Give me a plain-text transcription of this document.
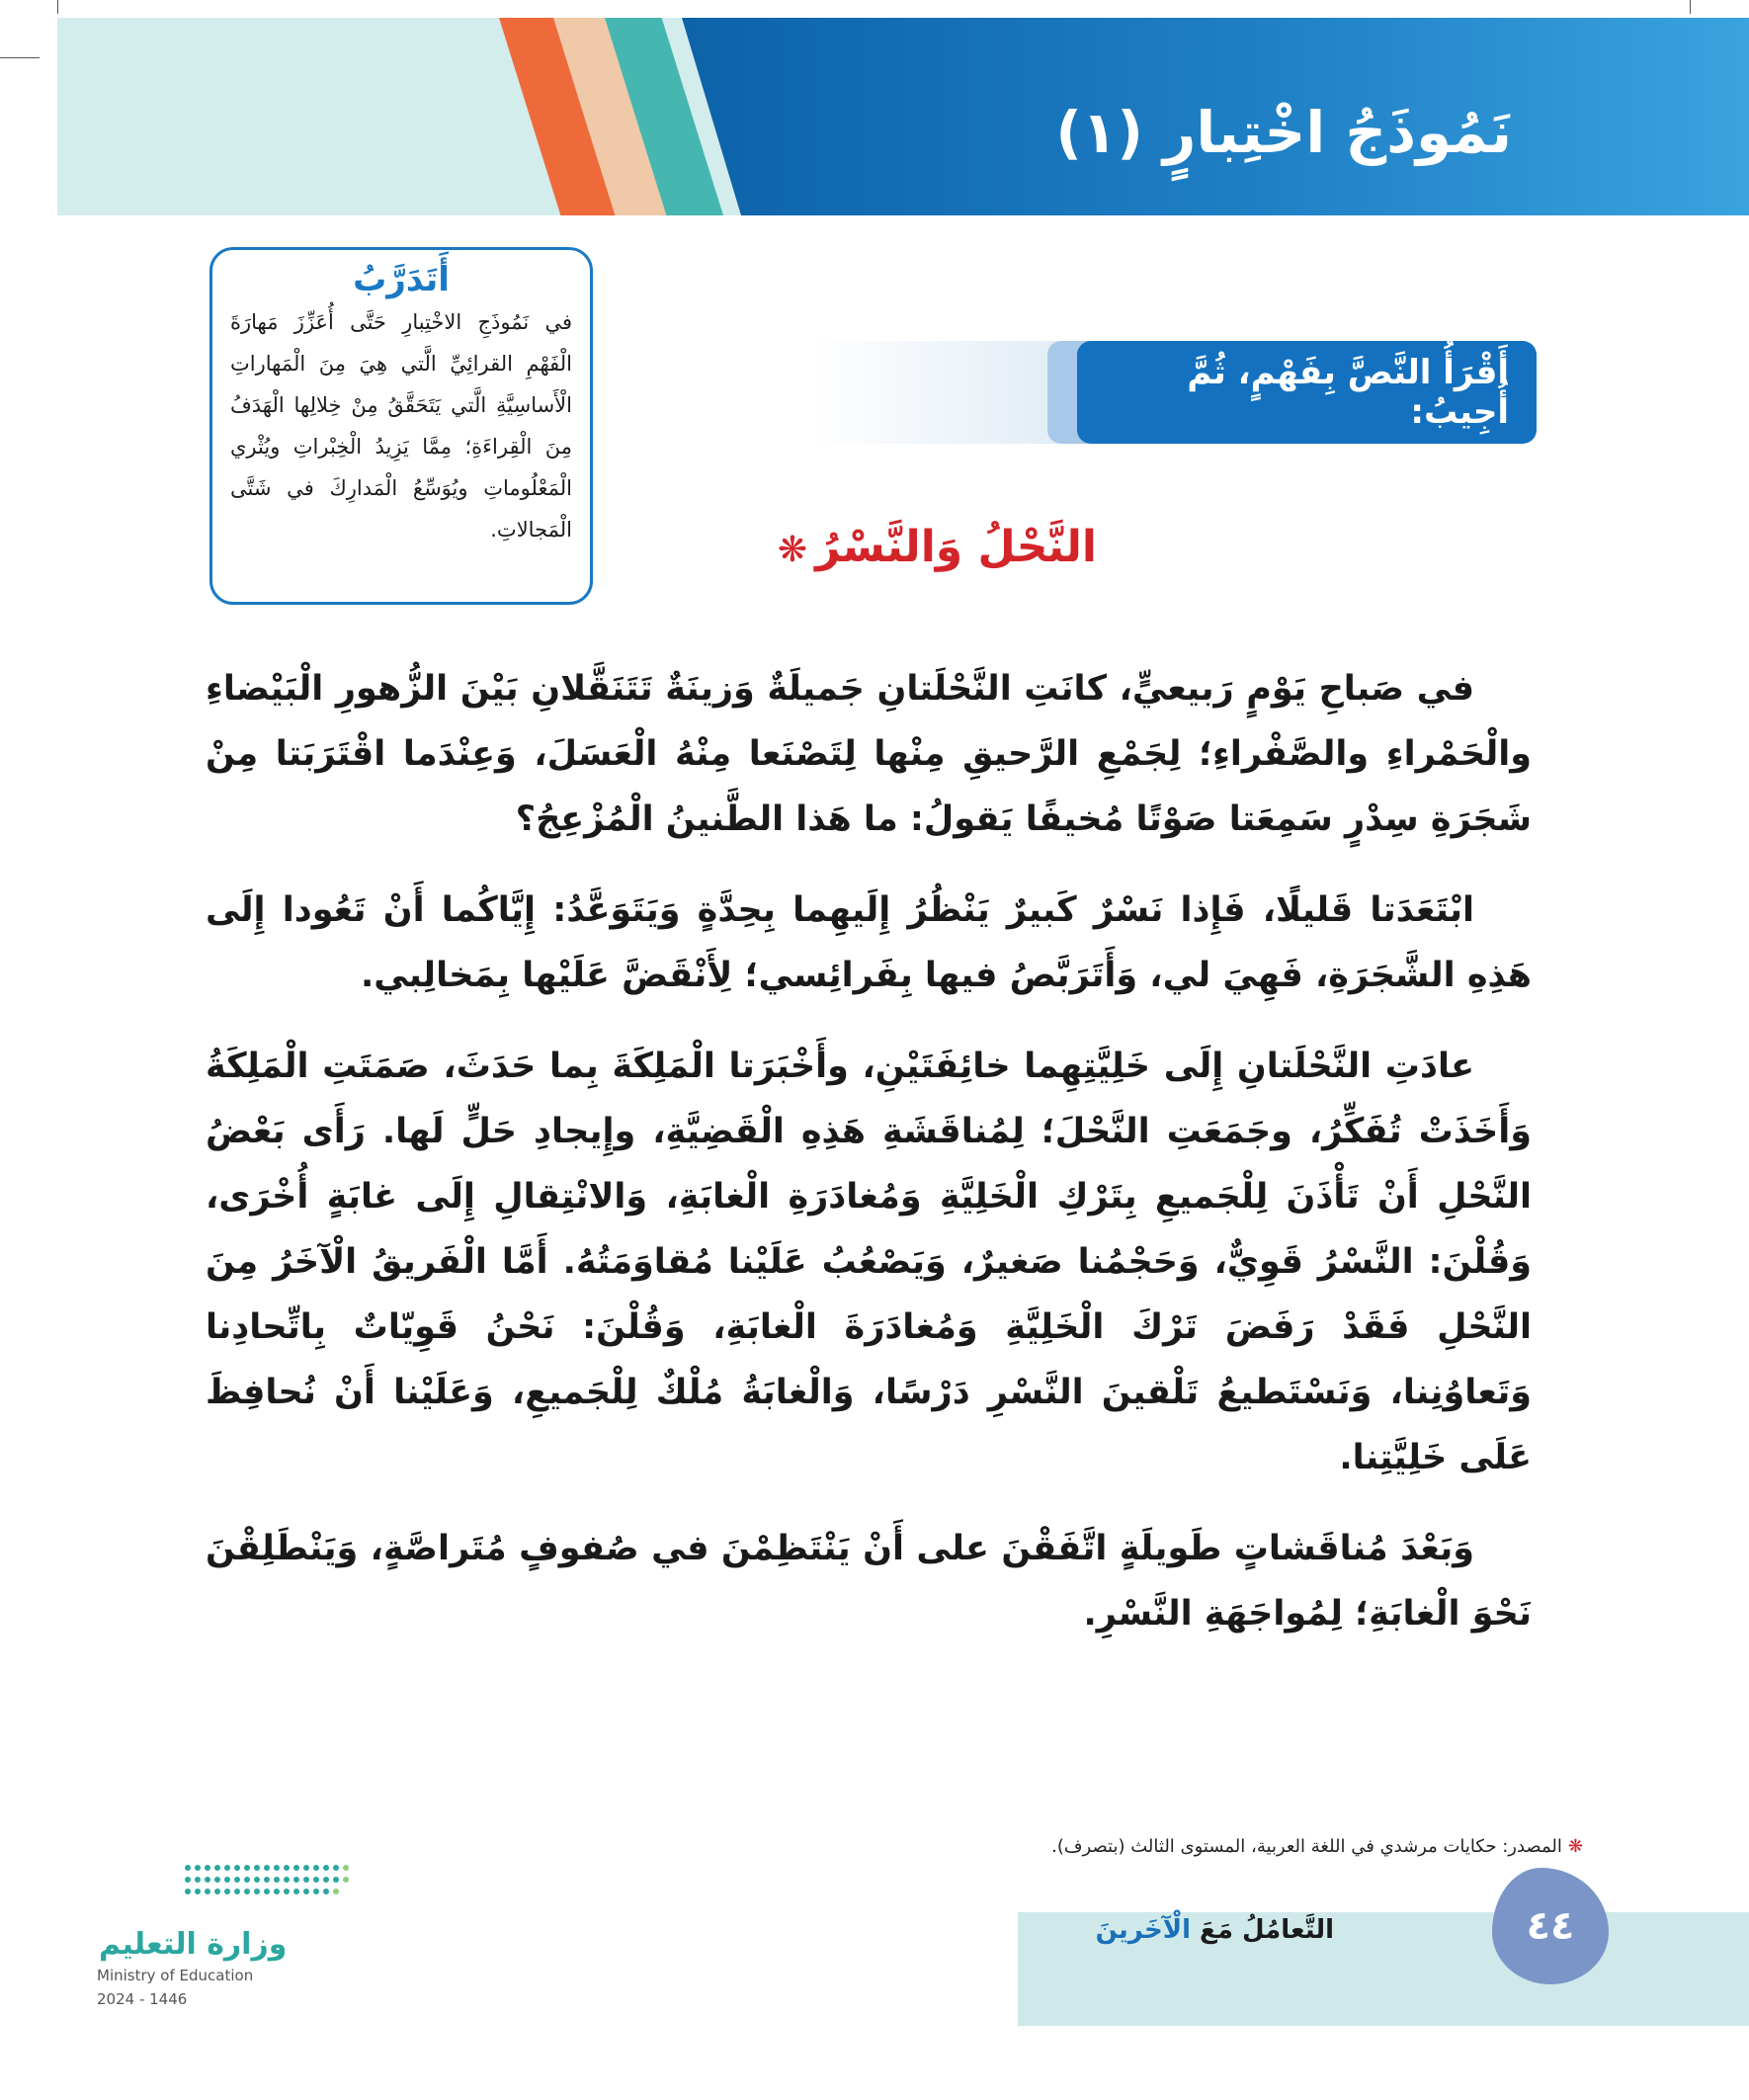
نَمُوذَجُ اخْتِبارٍ (١)
أَتَدَرَّبُ
في نَمُوذَجِ الاخْتِبارِ حَتَّى أُعَزِّزَ مَهارَةَ الْفَهْمِ القرائِيِّ الَّتي هِيَ مِنَ الْمَهاراتِ الْأَساسِيَّةِ الَّتي يَتَحَقَّقُ مِنْ خِلالِها الْهَدَفُ مِنَ الْقِراءَةِ؛ مِمَّا يَزِيدُ الْخِبْراتِ ويُثْري الْمَعْلُوماتِ ويُوَسِّعُ الْمَدارِكَ في شَتَّى الْمَجالاتِ.
أَقْرَأُ النَّصَّ بِفَهْمٍ، ثُمَّ أُجِيبُ:
النَّحْلُ وَالنَّسْرُ❋

في صَباحِ يَوْمٍ رَبيعيٍّ، كانَتِ النَّحْلَتانِ جَميلَةٌ وَزينَةٌ تَتَنَقَّلانِ بَيْنَ الزُّهورِ الْبَيْضاءِ والْحَمْراءِ والصَّفْراءِ؛ لِجَمْعِ الرَّحيقِ مِنْها لِتَصْنَعا مِنْهُ الْعَسَلَ، وَعِنْدَما اقْتَرَبَتا مِنْ شَجَرَةِ سِدْرٍ سَمِعَتا صَوْتًا مُخيفًا يَقولُ: ما هَذا الطَّنينُ الْمُزْعِجُ؟

ابْتَعَدَتا قَليلًا، فَإِذا نَسْرٌ كَبيرٌ يَنْظُرُ إِلَيهِما بِحِدَّةٍ وَيَتَوَعَّدُ: إِيَّاكُما أَنْ تَعُودا إِلَى هَذِهِ الشَّجَرَةِ، فَهِيَ لي، وَأَتَرَبَّصُ فيها بِفَرائِسي؛ لِأَنْقَضَّ عَلَيْها بِمَخالِبي.

عادَتِ النَّحْلَتانِ إِلَى خَلِيَّتِهِما خائِفَتَيْنِ، وأَخْبَرَتا الْمَلِكَةَ بِما حَدَثَ، صَمَتَتِ الْمَلِكَةُ وَأَخَذَتْ تُفَكِّرُ، وجَمَعَتِ النَّحْلَ؛ لِمُناقَشَةِ هَذِهِ الْقَضِيَّةِ، وإِيجادِ حَلٍّ لَها. رَأَى بَعْضُ النَّحْلِ أَنْ تَأْذَنَ لِلْجَميعِ بِتَرْكِ الْخَلِيَّةِ وَمُغادَرَةِ الْغابَةِ، وَالانْتِقالِ إِلَى غابَةٍ أُخْرَى، وَقُلْنَ: النَّسْرُ قَوِيٌّ، وَحَجْمُنا صَغيرٌ، وَيَصْعُبُ عَلَيْنا مُقاوَمَتُهُ. أَمَّا الْفَريقُ الْآخَرُ مِنَ النَّحْلِ فَقَدْ رَفَضَ تَرْكَ الْخَلِيَّةِ وَمُغادَرَةَ الْغابَةِ، وَقُلْنَ: نَحْنُ قَوِيّاتٌ بِاتِّحادِنا وَتَعاوُنِنا، وَنَسْتَطيعُ تَلْقينَ النَّسْرِ دَرْسًا، وَالْغابَةُ مُلْكٌ لِلْجَميعِ، وَعَلَيْنا أَنْ نُحافِظَ عَلَى خَلِيَّتِنا.

وَبَعْدَ مُناقَشاتٍ طَويلَةٍ اتَّفَقْنَ على أَنْ يَنْتَظِمْنَ في صُفوفٍ مُتَراصَّةٍ، وَيَنْطَلِقْنَ نَحْوَ الْغابَةِ؛ لِمُواجَهَةِ النَّسْرِ.

❋المصدر: حكايات مرشدي في اللغة العربية، المستوى الثالث (بتصرف).
٤٤
التَّعامُلُ مَعَ الْآخَرينَ
وزارة التعليم
Ministry of Education
2024 - 1446
